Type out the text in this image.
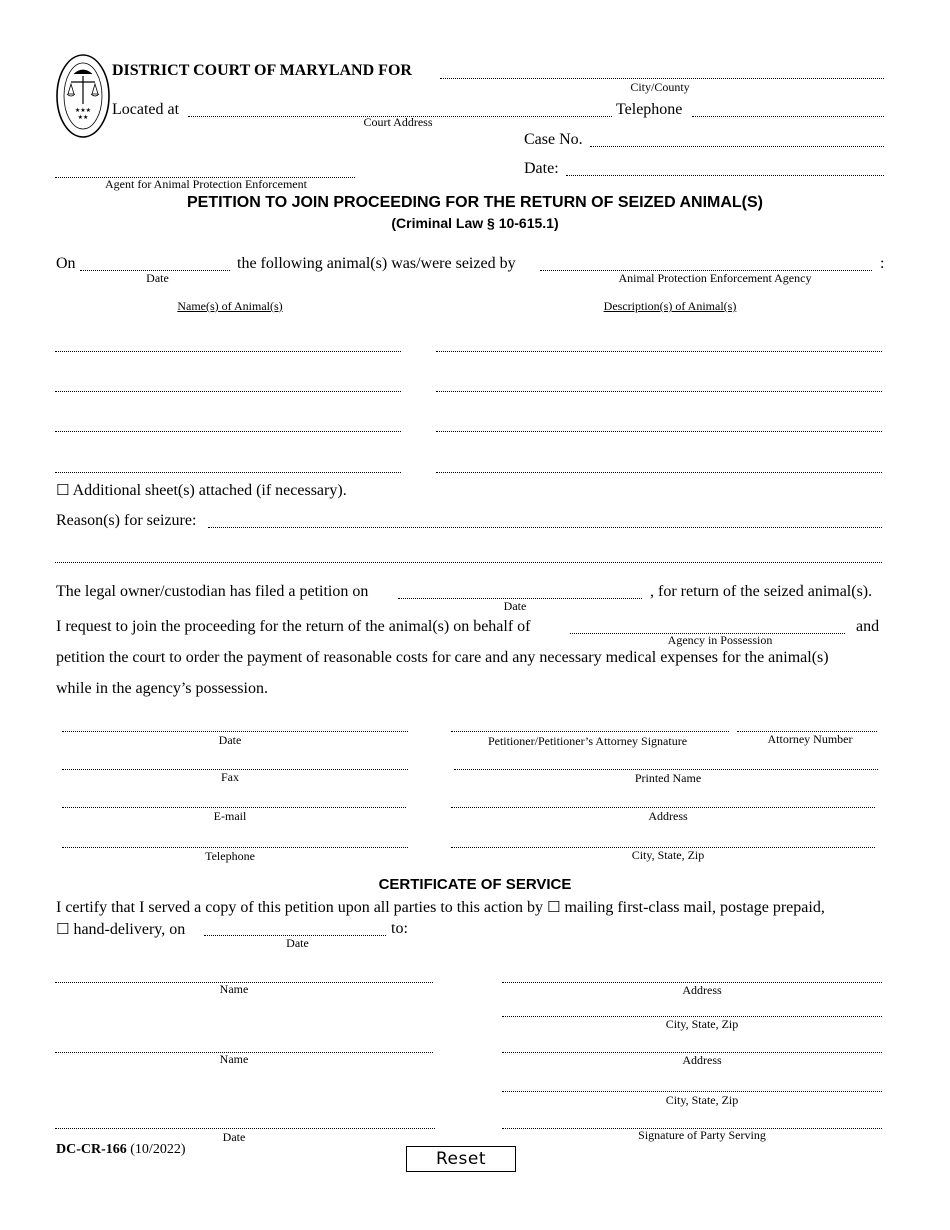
★★★
★★
DISTRICT COURT OF MARYLAND FOR
City/County
Located at
Court Address
Telephone
Case No.
Date:
Agent for Animal Protection Enforcement
PETITION TO JOIN PROCEEDING FOR THE RETURN OF SEIZED ANIMAL(S)
(Criminal Law § 10-615.1)
On
Date
the following animal(s) was/were seized by
Animal Protection Enforcement Agency
:
Name(s) of Animal(s)	Description(s) of Animal(s)
☐ Additional sheet(s) attached (if necessary).
Reason(s) for seizure:
The legal owner/custodian has filed a petition on
Date
, for return of the seized animal(s).
I request to join the proceeding for the return of the animal(s) on behalf of
Agency in Possession
and
petition the court to order the payment of reasonable costs for care and any necessary medical expenses for the animal(s)
while in the agency’s possession.
Date	Petitioner/Petitioner’s Attorney Signature	Attorney Number
Fax	Printed Name
E-mail	Address
Telephone	City, State, Zip
CERTIFICATE OF SERVICE
I certify that I served a copy of this petition upon all parties to this action by ☐ mailing first-class mail, postage prepaid,
☐ hand-delivery, on
Date
to:
Name	Address
City, State, Zip
Name	Address
City, State, Zip
Date	Signature of Party Serving
DC-CR-166 (10/2022)	Reset
